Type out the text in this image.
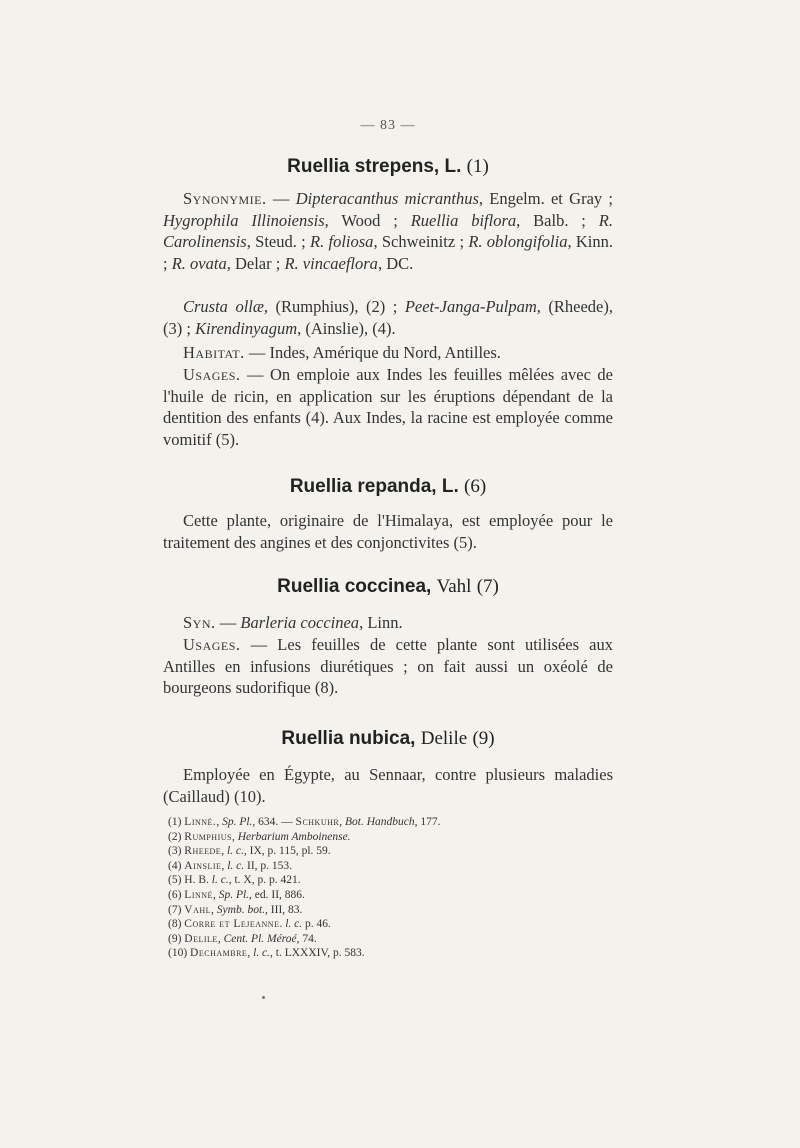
— 83 —
Ruellia strepens, L. (1)
Synonymie. — Dipteracanthus micranthus, Engelm. et Gray ; Hygrophila Illinoiensis, Wood ; Ruellia biflora, Balb. ; R. Carolinensis, Steud. ; R. foliosa, Schweinitz ; R. oblongifolia, Kinn. ; R. ovata, Delar ; R. vincaeflora, DC.
Crusta ollæ, (Rumphius), (2) ; Peet-Janga-Pulpam, (Rheede), (3) ; Kirendinyagum, (Ainslie), (4).
Habitat. — Indes, Amérique du Nord, Antilles.
Usages. — On emploie aux Indes les feuilles mêlées avec de l'huile de ricin, en application sur les éruptions dépendant de la dentition des enfants (4). Aux Indes, la racine est employée comme vomitif (5).
Ruellia repanda, L. (6)
Cette plante, originaire de l'Himalaya, est employée pour le traitement des angines et des conjonctivites (5).
Ruellia coccinea, Vahl (7)
Syn. — Barleria coccinea, Linn.
Usages. — Les feuilles de cette plante sont utilisées aux Antilles en infusions diurétiques ; on fait aussi un oxéolé de bourgeons sudorifique (8).
Ruellia nubica, Delile (9)
Employée en Égypte, au Sennaar, contre plusieurs maladies (Caillaud) (10).
(1) Linné., Sp. Pl., 634. — Schkuhr, Bot. Handbuch, 177.
(2) Rumphius, Herbarium Amboinense.
(3) Rheede, l. c., IX, p. 115, pl. 59.
(4) Ainslie, l. c. II, p. 153.
(5) H. B. l. c., t. X, p. p. 421.
(6) Linné, Sp. Pl., ed. II, 886.
(7) Vahl, Symb. bot., III, 83.
(8) Corre et Lejeanne. l. c. p. 46.
(9) Delile, Cent. Pl. Méroé, 74.
(10) Dechambre, l. c., t. LXXXIV, p. 583.
